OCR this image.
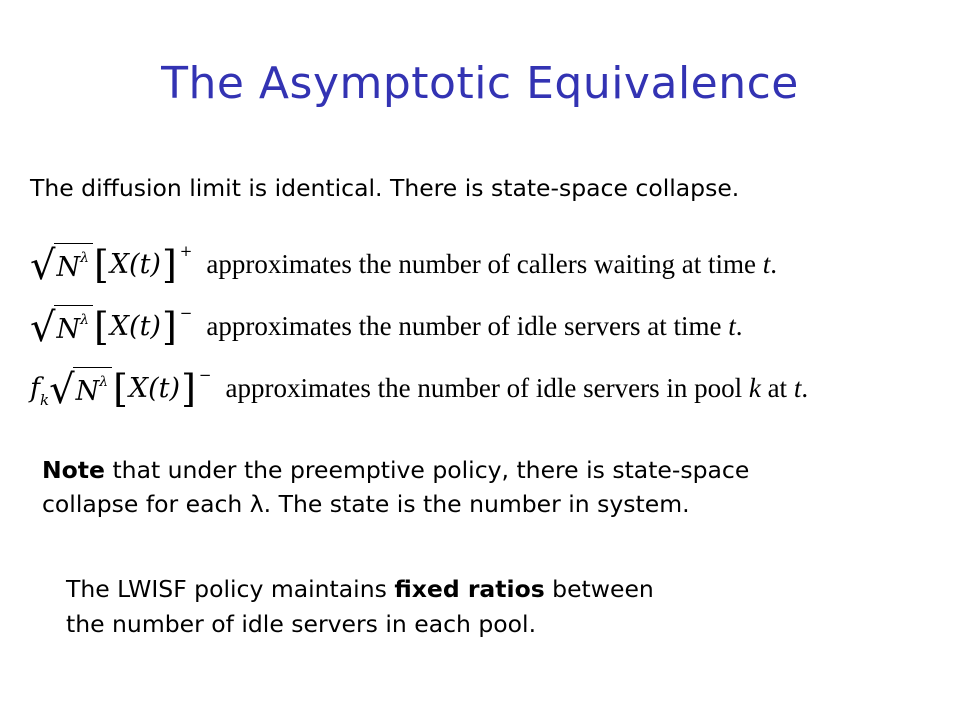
The Asymptotic Equivalence
The diffusion limit is identical. There is state-space collapse.
√ $N^\lambda$ [ X(t) ] + approximates the number of callers waiting at time t.
√ $N^\lambda$ [ X(t) ] − approximates the number of idle servers at time t.
$f_k$ √ $N^\lambda$ [ X(t) ] − approximates the number of idle servers in pool k at t.
Note that under the preemptive policy, there is state-space
collapse for each λ. The state is the number in system.
The LWISF policy maintains fixed ratios between
the number of idle servers in each pool.
